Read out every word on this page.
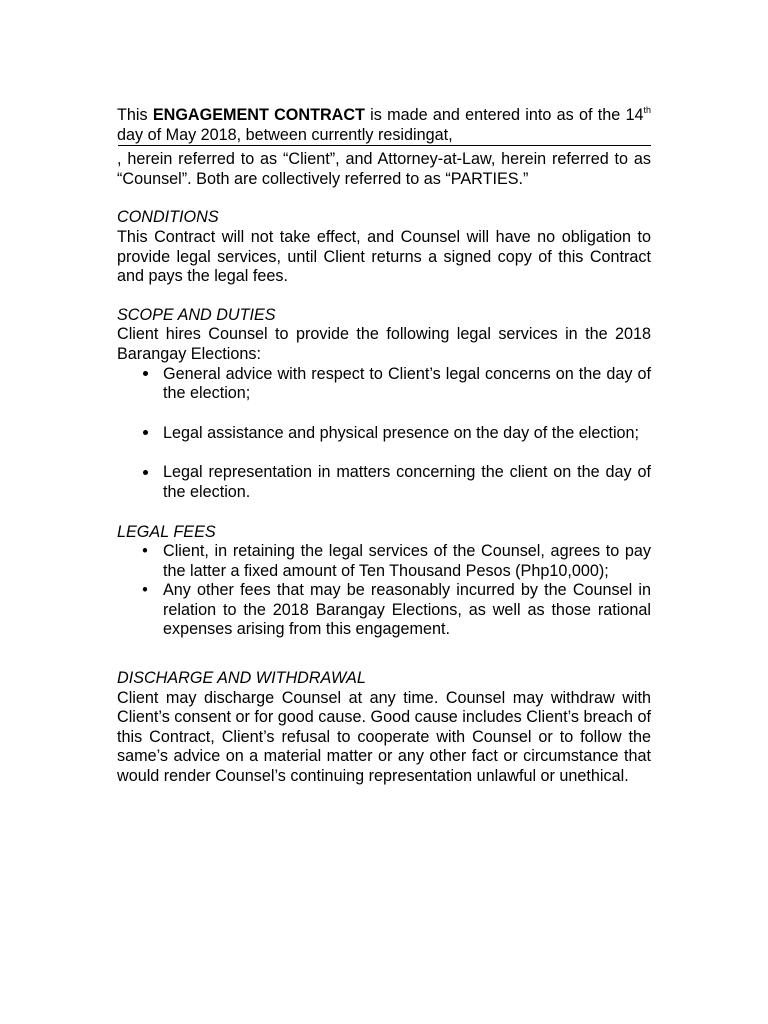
This ENGAGEMENT CONTRACT is made and entered into as of the 14th day of May 2018, between currently residingat,
, herein referred to as “Client”, and Attorney-at-Law, herein referred to as “Counsel”. Both are collectively referred to as “PARTIES.”

CONDITIONS

This Contract will not take effect, and Counsel will have no obligation to provide legal services, until Client returns a signed copy of this Contract and pays the legal fees.

SCOPE AND DUTIES

Client hires Counsel to provide the following legal services in the 2018 Barangay Elections:

General advice with respect to Client’s legal concerns on the day of the election;
Legal assistance and physical presence on the day of the election;
Legal representation in matters concerning the client on the day of the election.

LEGAL FEES

• Client, in retaining the legal services of the Counsel, agrees to pay the latter a fixed amount of Ten Thousand Pesos (Php10,000);
• Any other fees that may be reasonably incurred by the Counsel in relation to the 2018 Barangay Elections, as well as those rational expenses arising from this engagement.

DISCHARGE AND WITHDRAWAL

Client may discharge Counsel at any time. Counsel may withdraw with Client’s consent or for good cause. Good cause includes Client’s breach of this Contract, Client’s refusal to cooperate with Counsel or to follow the same’s advice on a material matter or any other fact or circumstance that would render Counsel’s continuing representation unlawful or unethical.
